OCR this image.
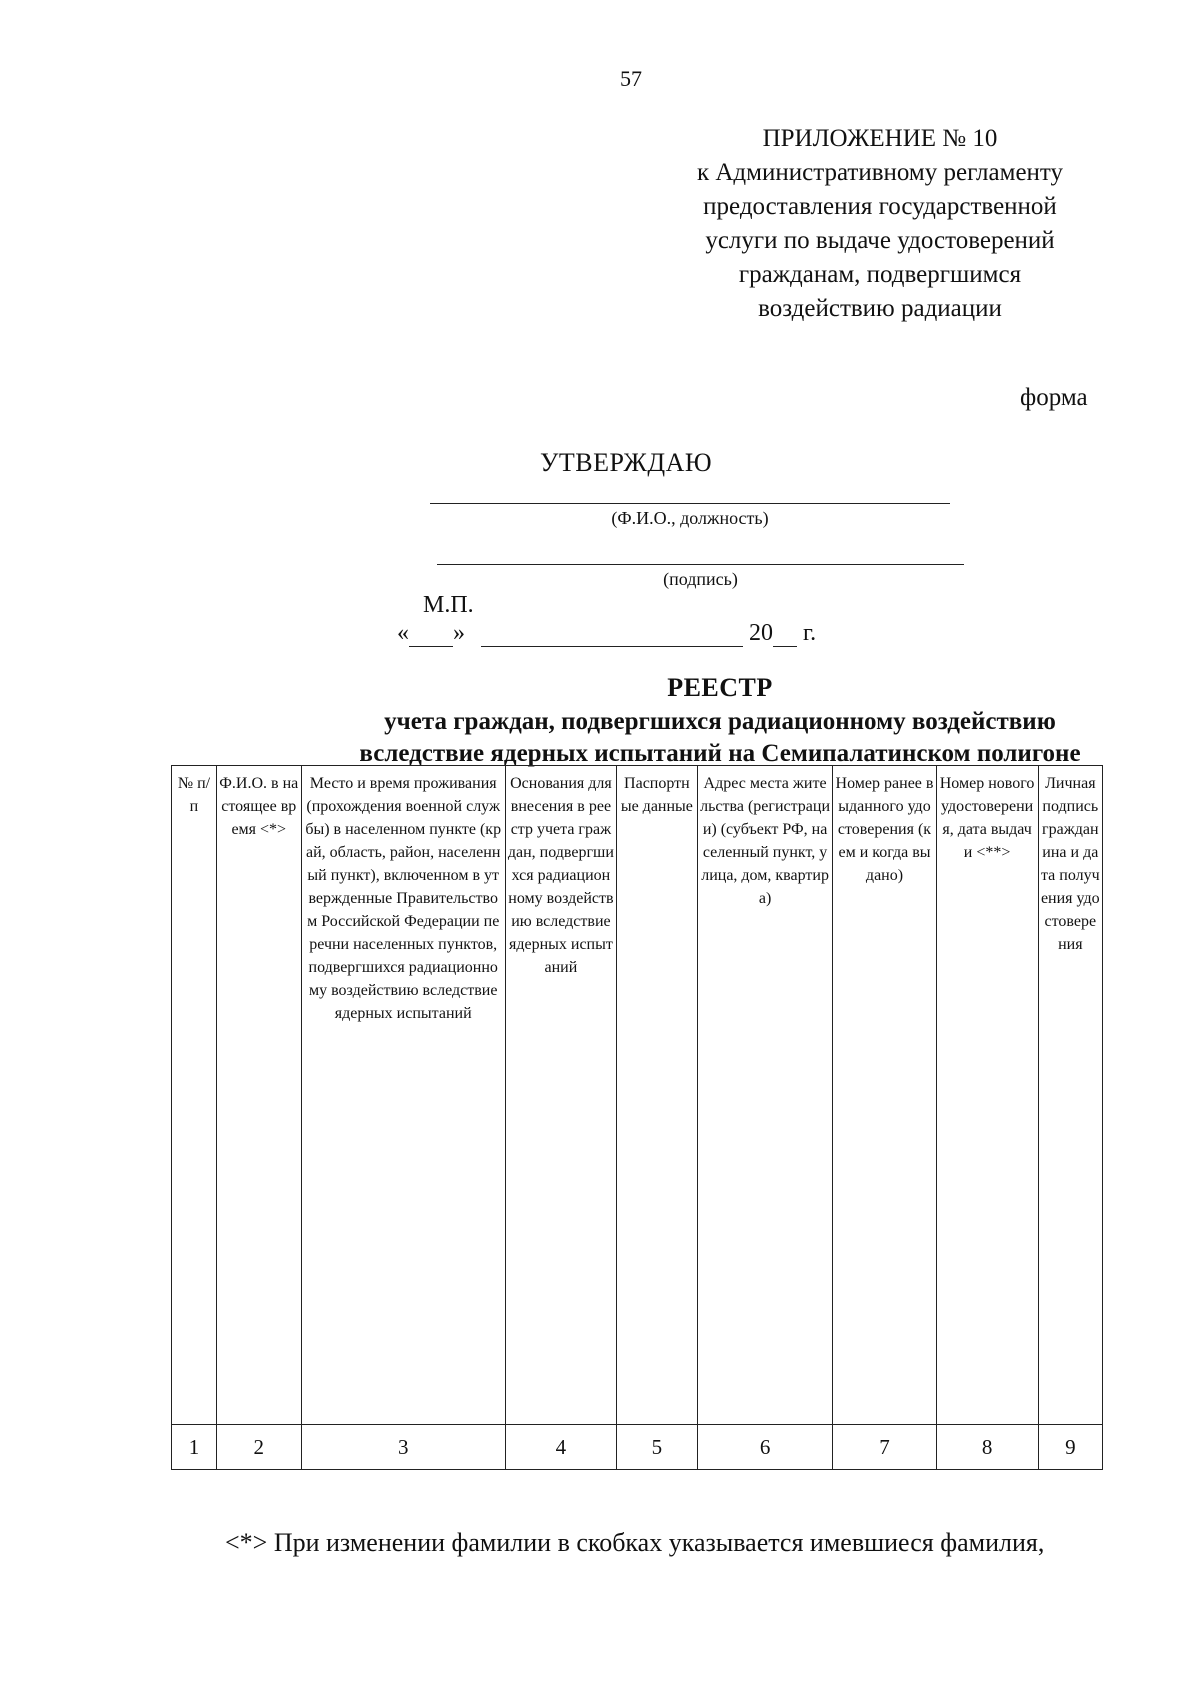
57
ПРИЛОЖЕНИЕ № 10
к Административному регламенту
предоставления государственной
услуги по выдаче удостоверений
гражданам, подвергшимся
воздействию радиации
форма
УТВЕРЖДАЮ
(Ф.И.О., должность)
(подпись)
М.П.
« »	20 г.
РЕЕСТР
учета граждан, подвергшихся радиационному воздействию
вследствие ядерных испытаний на Семипалатинском полигоне
№ п/п	Ф.И.О. в настоящее время <*>	Место и время проживания (прохождения военной службы) в населенном пункте (край, область, район, населенный пункт), включенном в утвержденные Правительством Российской Федерации перечни населенных пунктов, подвергшихся радиационному воздействию вследствие ядерных испытаний	Основания для внесения в реестр учета граждан, подвергшихся радиационному воздействию вследствие ядерных испытаний	Паспортные данные	Адрес места жительства (регистрации) (субъект РФ, населенный пункт, улица, дом, квартира)	Номер ранее выданного удостоверения (кем и когда выдано)	Номер нового удостоверения, дата выдачи <**>	Личная подпись гражданина и дата получения удостоверения
1	2	3	4	5	6	7	8	9
<*> При изменении фамилии в скобках указывается имевшиеся фамилия,
